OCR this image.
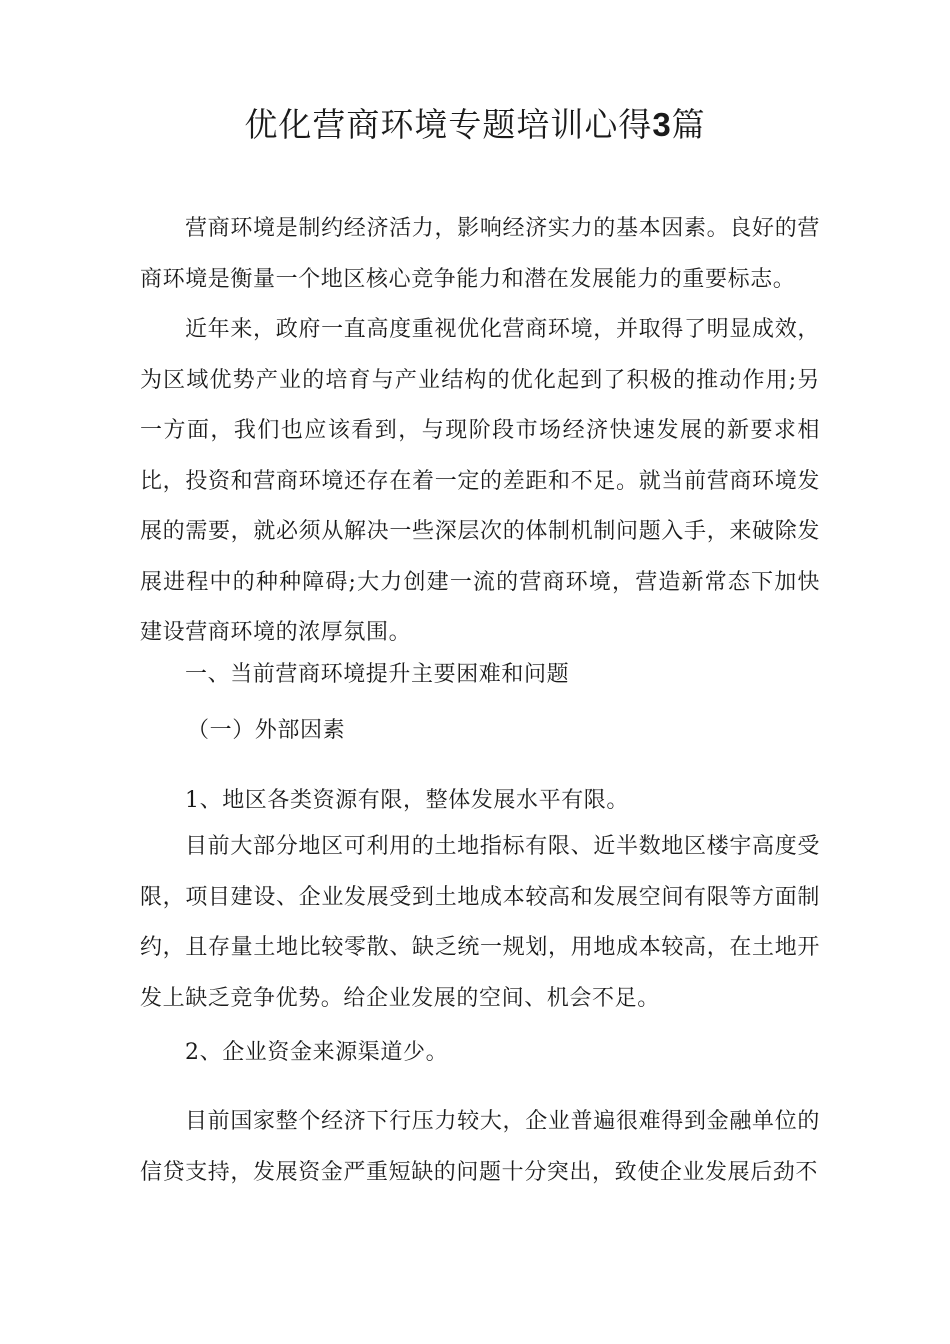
优化营商环境专题培训心得3篇

营商环境是制约经济活力，影响经济实力的基本因素。良好的营商环境是衡量一个地区核心竞争能力和潜在发展能力的重要标志。

近年来，政府一直高度重视优化营商环境，并取得了明显成效，为区域优势产业的培育与产业结构的优化起到了积极的推动作用;另一方面，我们也应该看到，与现阶段市场经济快速发展的新要求相比，投资和营商环境还存在着一定的差距和不足。就当前营商环境发展的需要，就必须从解决一些深层次的体制机制问题入手，来破除发展进程中的种种障碍;大力创建一流的营商环境，营造新常态下加快建设营商环境的浓厚氛围。

一、当前营商环境提升主要困难和问题
（一）外部因素
1、地区各类资源有限，整体发展水平有限。

目前大部分地区可利用的土地指标有限、近半数地区楼宇高度受限，项目建设、企业发展受到土地成本较高和发展空间有限等方面制约，且存量土地比较零散、缺乏统一规划，用地成本较高，在土地开发上缺乏竞争优势。给企业发展的空间、机会不足。

2、企业资金来源渠道少。

目前国家整个经济下行压力较大，企业普遍很难得到金融单位的信贷支持，发展资金严重短缺的问题十分突出，致使企业发展后劲不
